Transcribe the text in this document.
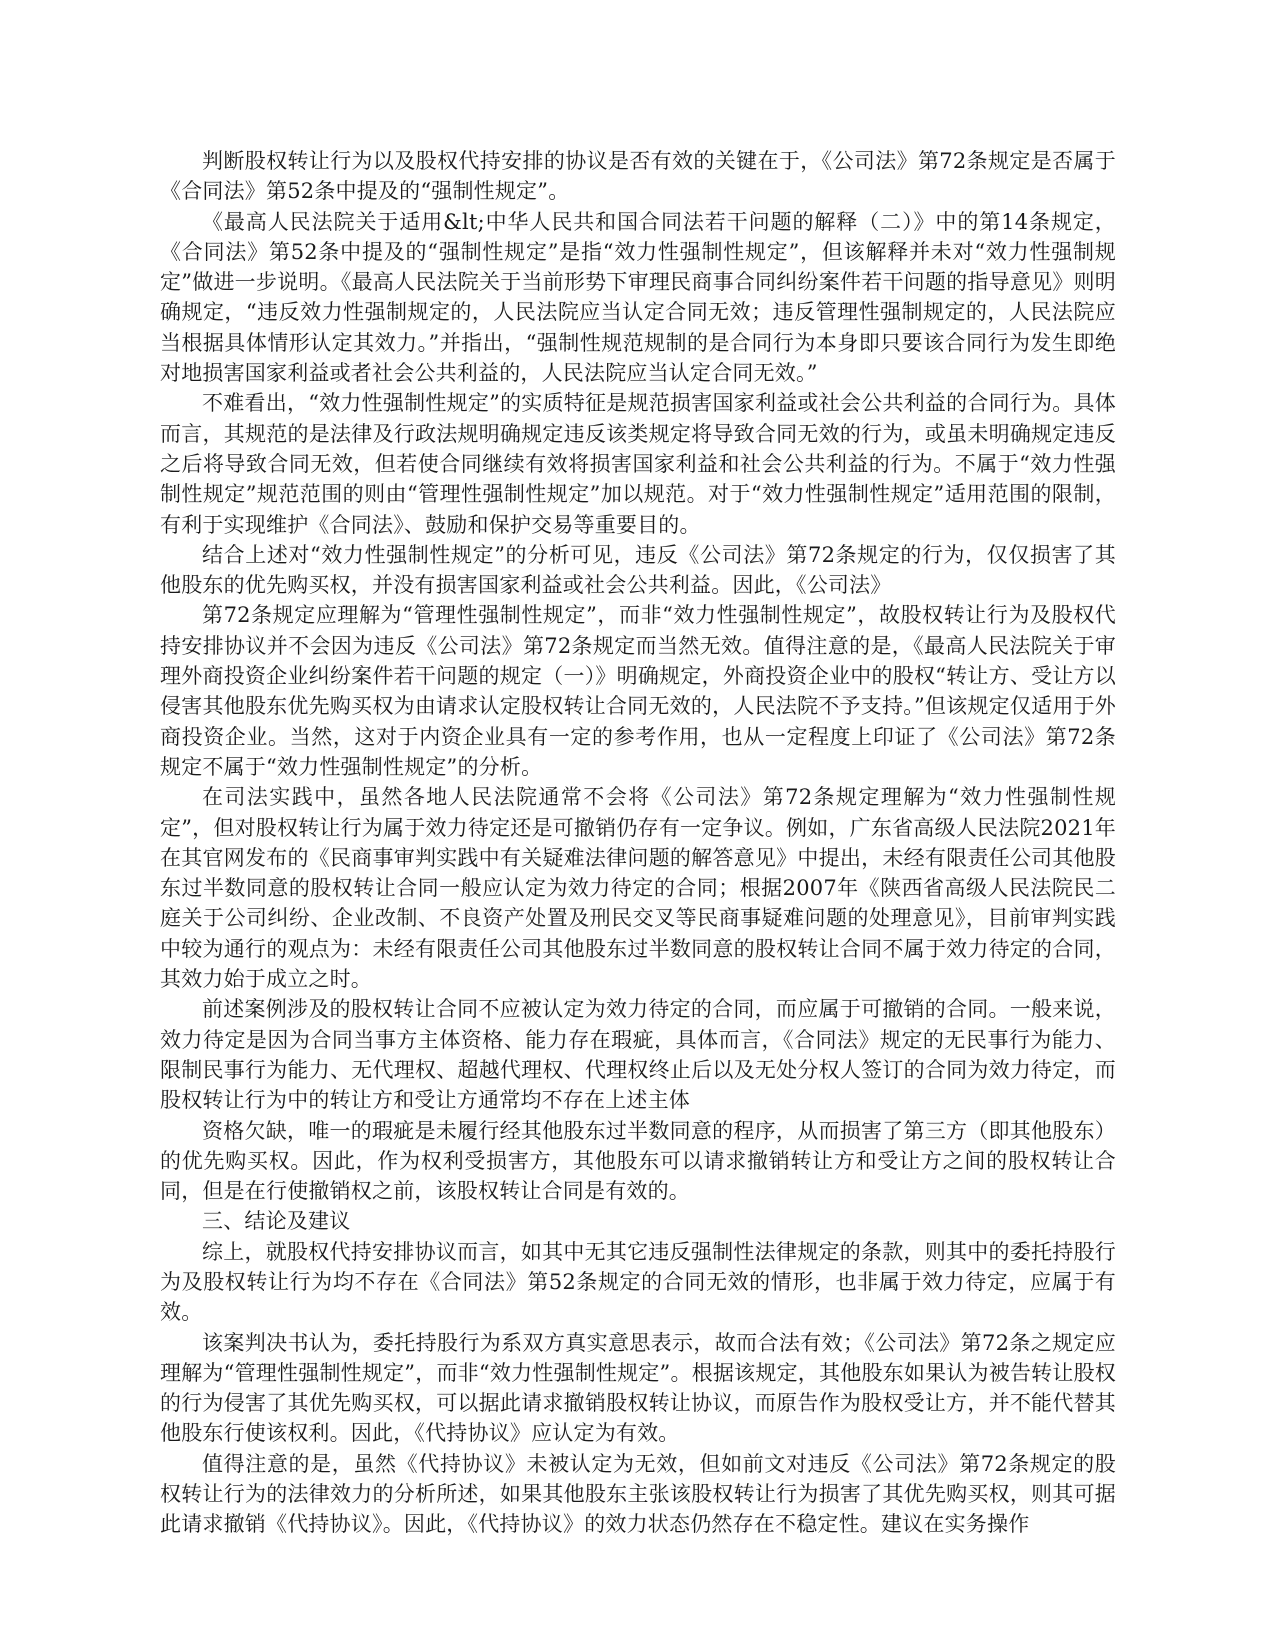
判断股权转让行为以及股权代持安排的协议是否有效的关键在于，《公司法》第72条规定是否属于《合同法》第52条中提及的“强制性规定”。

《最高人民法院关于适用&lt;中华人民共和国合同法若干问题的解释（二）》中的第14条规定，《合同法》第52条中提及的“强制性规定”是指“效力性强制性规定”，但该解释并未对“效力性强制规定”做进一步说明。《最高人民法院关于当前形势下审理民商事合同纠纷案件若干问题的指导意见》则明确规定，“违反效力性强制规定的，人民法院应当认定合同无效；违反管理性强制规定的，人民法院应当根据具体情形认定其效力。”并指出，“强制性规范规制的是合同行为本身即只要该合同行为发生即绝对地损害国家利益或者社会公共利益的，人民法院应当认定合同无效。”

不难看出，“效力性强制性规定”的实质特征是规范损害国家利益或社会公共利益的合同行为。具体而言，其规范的是法律及行政法规明确规定违反该类规定将导致合同无效的行为，或虽未明确规定违反之后将导致合同无效，但若使合同继续有效将损害国家利益和社会公共利益的行为。不属于“效力性强制性规定”规范范围的则由“管理性强制性规定”加以规范。对于“效力性强制性规定”适用范围的限制，有利于实现维护《合同法》、鼓励和保护交易等重要目的。

结合上述对“效力性强制性规定”的分析可见，违反《公司法》第72条规定的行为，仅仅损害了其他股东的优先购买权，并没有损害国家利益或社会公共利益。因此，《公司法》

第72条规定应理解为“管理性强制性规定”，而非“效力性强制性规定”，故股权转让行为及股权代持安排协议并不会因为违反《公司法》第72条规定而当然无效。值得注意的是，《最高人民法院关于审理外商投资企业纠纷案件若干问题的规定（一）》明确规定，外商投资企业中的股权“转让方、受让方以侵害其他股东优先购买权为由请求认定股权转让合同无效的，人民法院不予支持。”但该规定仅适用于外商投资企业。当然，这对于内资企业具有一定的参考作用，也从一定程度上印证了《公司法》第72条规定不属于“效力性强制性规定”的分析。

在司法实践中，虽然各地人民法院通常不会将《公司法》第72条规定理解为“效力性强制性规定”，但对股权转让行为属于效力待定还是可撤销仍存有一定争议。例如，广东省高级人民法院2021年在其官网发布的《民商事审判实践中有关疑难法律问题的解答意见》中提出，未经有限责任公司其他股东过半数同意的股权转让合同一般应认定为效力待定的合同；根据2007年《陕西省高级人民法院民二庭关于公司纠纷、企业改制、不良资产处置及刑民交叉等民商事疑难问题的处理意见》，目前审判实践中较为通行的观点为：未经有限责任公司其他股东过半数同意的股权转让合同不属于效力待定的合同，其效力始于成立之时。

前述案例涉及的股权转让合同不应被认定为效力待定的合同，而应属于可撤销的合同。一般来说，效力待定是因为合同当事方主体资格、能力存在瑕疵，具体而言，《合同法》规定的无民事行为能力、限制民事行为能力、无代理权、超越代理权、代理权终止后以及无处分权人签订的合同为效力待定，而股权转让行为中的转让方和受让方通常均不存在上述主体

资格欠缺，唯一的瑕疵是未履行经其他股东过半数同意的程序，从而损害了第三方（即其他股东）的优先购买权。因此，作为权利受损害方，其他股东可以请求撤销转让方和受让方之间的股权转让合同，但是在行使撤销权之前，该股权转让合同是有效的。

三、结论及建议

综上，就股权代持安排协议而言，如其中无其它违反强制性法律规定的条款，则其中的委托持股行为及股权转让行为均不存在《合同法》第52条规定的合同无效的情形，也非属于效力待定，应属于有效。

该案判决书认为，委托持股行为系双方真实意思表示，故而合法有效；《公司法》第72条之规定应理解为“管理性强制性规定”，而非“效力性强制性规定”。根据该规定，其他股东如果认为被告转让股权的行为侵害了其优先购买权，可以据此请求撤销股权转让协议，而原告作为股权受让方，并不能代替其他股东行使该权利。因此，《代持协议》应认定为有效。

值得注意的是，虽然《代持协议》未被认定为无效，但如前文对违反《公司法》第72条规定的股权转让行为的法律效力的分析所述，如果其他股东主张该股权转让行为损害了其优先购买权，则其可据此请求撤销《代持协议》。因此，《代持协议》的效力状态仍然存在不稳定性。建议在实务操作
